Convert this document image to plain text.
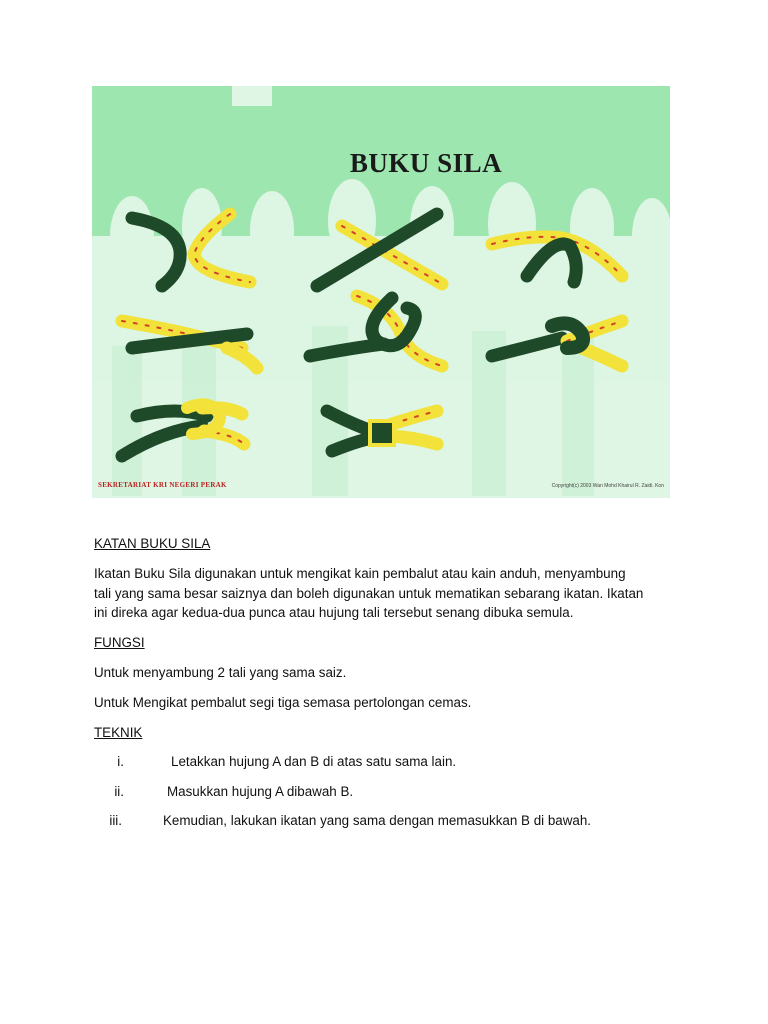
BUKU SILA
SEKRETARIAT KRI NEGERI PERAK	Copyright(c) 2003 Wan Mohd Khairul R. Zaidi. Kon

KATAN BUKU SILA

Ikatan Buku Sila digunakan untuk mengikat kain pembalut atau kain anduh, menyambung
tali yang sama besar saiznya dan boleh digunakan untuk mematikan sebarang ikatan. Ikatan
ini direka agar kedua-dua punca atau hujung tali tersebut senang dibuka semula.

FUNGSI

Untuk menyambung 2 tali yang sama saiz.

Untuk Mengikat pembalut segi tiga semasa pertolongan cemas.

TEKNIK

i.	Letakkan hujung A dan B di atas satu sama lain.
ii.	Masukkan hujung A dibawah B.
iii.	Kemudian, lakukan ikatan yang sama dengan memasukkan B di bawah.
